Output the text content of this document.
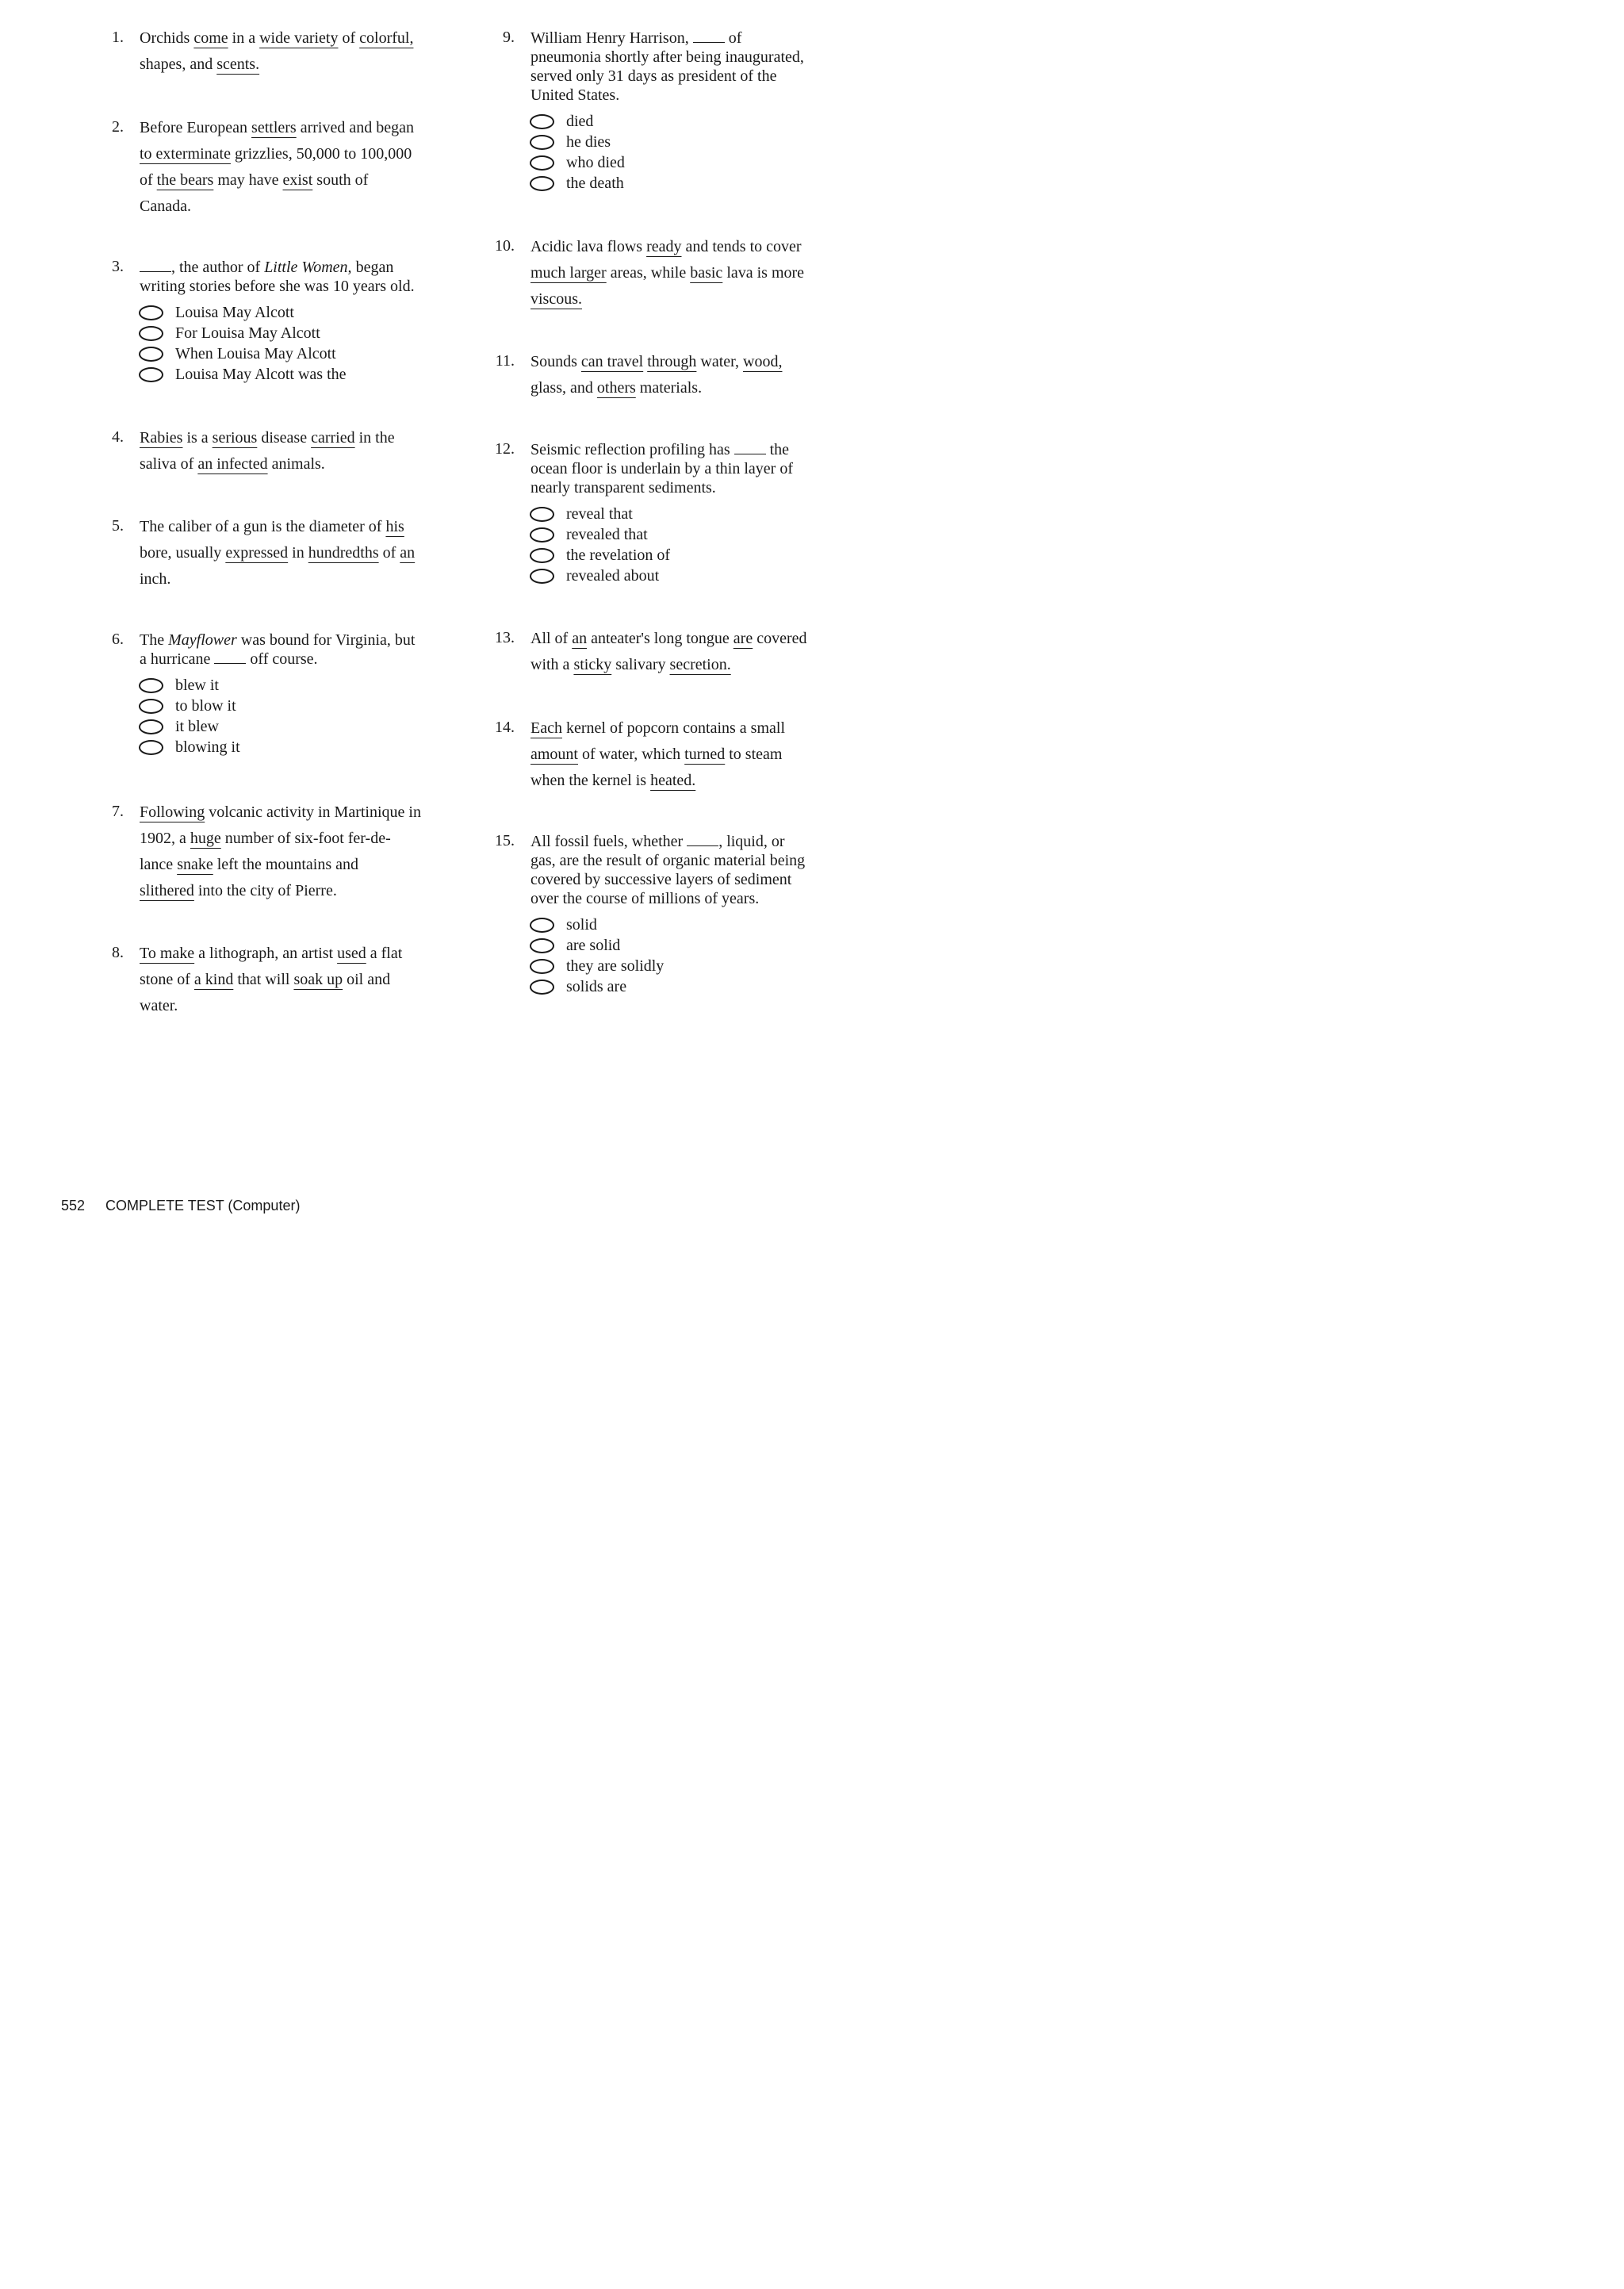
1. Orchids come in a wide variety of colorful,
shapes, and scents.
2. Before European settlers arrived and began
to exterminate grizzlies, 50,000 to 100,000
of the bears may have exist south of
Canada.
3.	, the author of Little Women, began
writing stories before she was 10 years old.
Louisa May Alcott
For Louisa May Alcott
When Louisa May Alcott
Louisa May Alcott was the
4. Rabies is a serious disease carried in the
saliva of an infected animals.
5. The caliber of a gun is the diameter of his
bore, usually expressed in hundredths of an
inch.
6. The Mayflower was bound for Virginia, but
a hurricane  off course.
blew it
to blow it
it blew
blowing it
7. Following volcanic activity in Martinique in
1902, a huge number of six-foot fer-de-
lance snake left the mountains and
slithered into the city of Pierre.
8. To make a lithograph, an artist used a flat
stone of a kind that will soak up oil and
water.
9. William Henry Harrison,  of
pneumonia shortly after being inaugurated,
served only 31 days as president of the
United States.
died
he dies
who died
the death
10. Acidic lava flows ready and tends to cover
much larger areas, while basic lava is more
viscous.
11. Sounds can travel through water, wood,
glass, and others materials.
12. Seismic reflection profiling has  the
ocean floor is underlain by a thin layer of
nearly transparent sediments.
reveal that
revealed that
the revelation of
revealed about
13. All of an anteater's long tongue are covered
with a sticky salivary secretion.
14. Each kernel of popcorn contains a small
amount of water, which turned to steam
when the kernel is heated.
15. All fossil fuels, whether , liquid, or
gas, are the result of organic material being
covered by successive layers of sediment
over the course of millions of years.
solid
are solid
they are solidly
solids are
552 COMPLETE TEST (Computer)
